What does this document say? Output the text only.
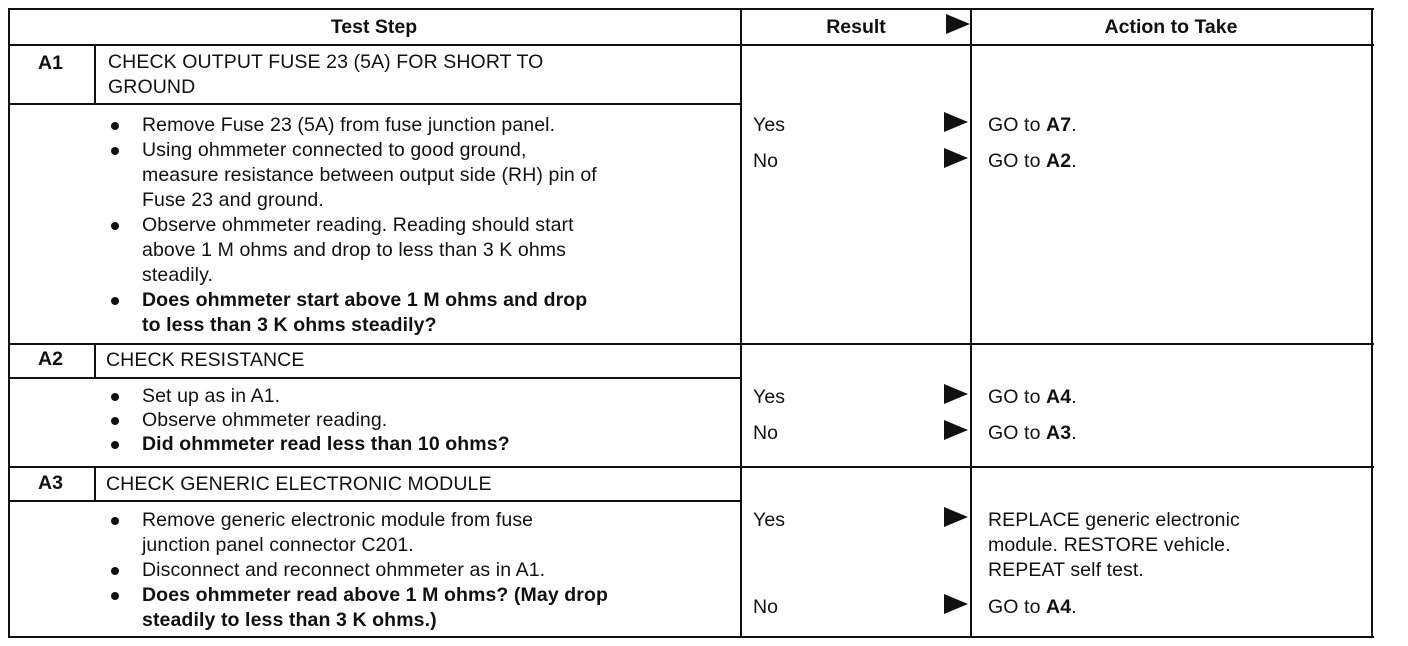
Test Step	Result	Action to Take
A1 CHECK OUTPUT FUSE 23 (5A) FOR SHORT TO
GROUND
Remove Fuse 23 (5A) from fuse junction panel.
Using ohmmeter connected to good ground,
measure resistance between output side (RH) pin of
Fuse 23 and ground.
Observe ohmmeter reading. Reading should start
above 1 M ohms and drop to less than 3 K ohms
steadily.
Does ohmmeter start above 1 M ohms and drop
to less than 3 K ohms steadily?
Yes	GO to A7.
No	GO to A2.
A2 CHECK RESISTANCE
Set up as in A1.
Observe ohmmeter reading.
Did ohmmeter read less than 10 ohms?
Yes	GO to A4.
No	GO to A3.
A3 CHECK GENERIC ELECTRONIC MODULE
Remove generic electronic module from fuse
junction panel connector C201.
Disconnect and reconnect ohmmeter as in A1.
Does ohmmeter read above 1 M ohms? (May drop
steadily to less than 3 K ohms.)
Yes	REPLACE generic electronic
module. RESTORE vehicle.
REPEAT self test.
No	GO to A4.
